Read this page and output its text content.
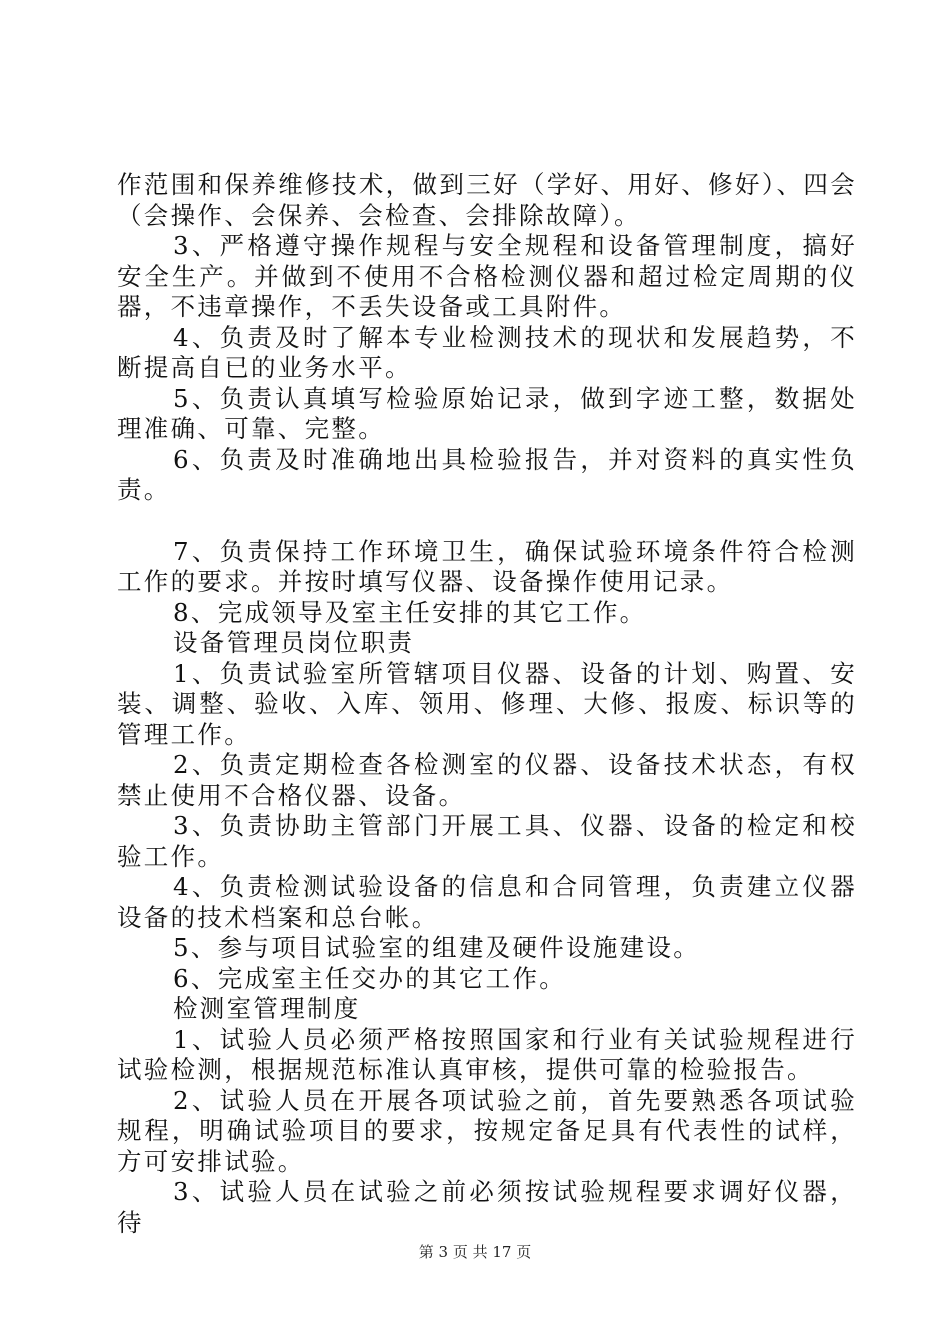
作范围和保养维修技术，做到三好（学好、用好、修好）、四会（会操作、会保养、会检查、会排除故障）。

3、严格遵守操作规程与安全规程和设备管理制度，搞好安全生产。并做到不使用不合格检测仪器和超过检定周期的仪器，不违章操作，不丢失设备或工具附件。

4、负责及时了解本专业检测技术的现状和发展趋势，不断提高自已的业务水平。

5、负责认真填写检验原始记录，做到字迹工整，数据处理准确、可靠、完整。

6、负责及时准确地出具检验报告，并对资料的真实性负责。

7、负责保持工作环境卫生，确保试验环境条件符合检测工作的要求。并按时填写仪器、设备操作使用记录。

8、完成领导及室主任安排的其它工作。

设备管理员岗位职责

1、负责试验室所管辖项目仪器、设备的计划、购置、安装、调整、验收、入库、领用、修理、大修、报废、标识等的管理工作。

2、负责定期检查各检测室的仪器、设备技术状态，有权禁止使用不合格仪器、设备。

3、负责协助主管部门开展工具、仪器、设备的检定和校验工作。

4、负责检测试验设备的信息和合同管理，负责建立仪器设备的技术档案和总台帐。

5、参与项目试验室的组建及硬件设施建设。

6、完成室主任交办的其它工作。

检测室管理制度

1、试验人员必须严格按照国家和行业有关试验规程进行试验检测，根据规范标准认真审核，提供可靠的检验报告。

2、试验人员在开展各项试验之前，首先要熟悉各项试验规程，明确试验项目的要求，按规定备足具有代表性的试样，方可安排试验。

3、试验人员在试验之前必须按试验规程要求调好仪器，待

第 3 页 共 17 页
